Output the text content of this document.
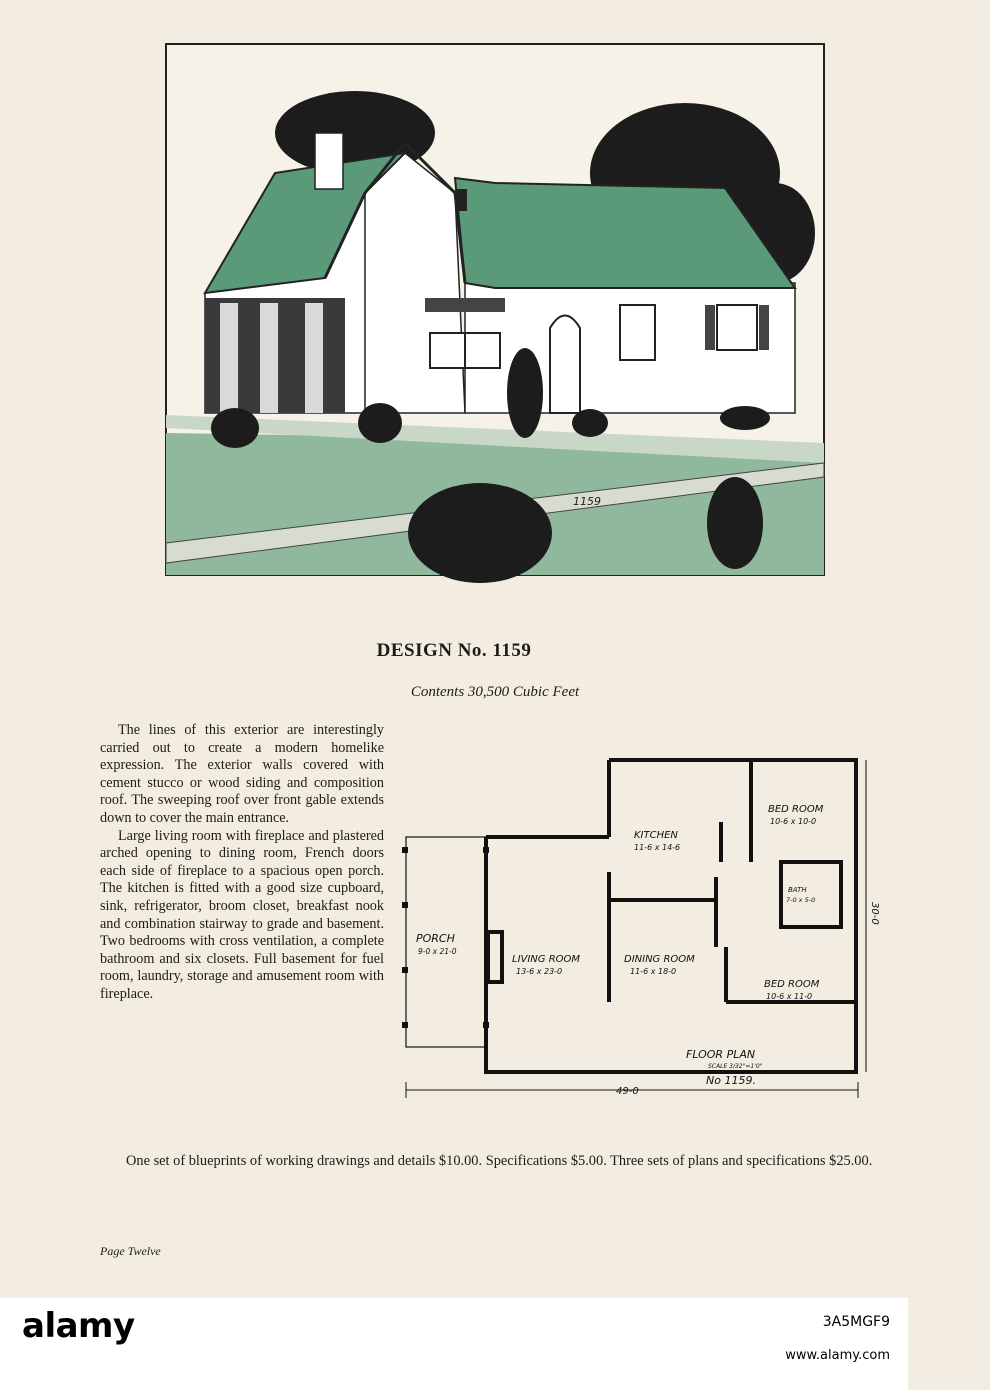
1159
DESIGN No. 1159
Contents 30,500 Cubic Feet

The lines of this exterior are interestingly carried out to create a modern homelike expression. The exterior walls covered with cement stucco or wood siding and composition roof. The sweeping roof over front gable extends down to cover the main entrance.

Large living room with fireplace and plastered arched opening to dining room, French doors each side of fireplace to a spacious open porch. The kitchen is fitted with a good size cupboard, sink, refrigerator, broom closet, breakfast nook and combination stairway to grade and basement. Two bedrooms with cross ventilation, a complete bathroom and six closets. Full basement for fuel room, laundry, storage and amusement room with fireplace.

KITCHEN
11-6 x 14-6
BED ROOM
10-6 x 10-0
BATH
7-0 x 5-0
PORCH
9-0 x 21-0
LIVING ROOM
13-6 x 23-0
DINING ROOM
11-6 x 18-0
BED ROOM
10-6 x 11-0
FLOOR PLAN
SCALE 3/32"=1'0"
No 1159.
49-0
30-0

One set of blueprints of working drawings and details $10.00. Specifications $5.00. Three sets of plans and specifications $25.00.

Page Twelve
alamy	3A5MGF9
www.alamy.com
